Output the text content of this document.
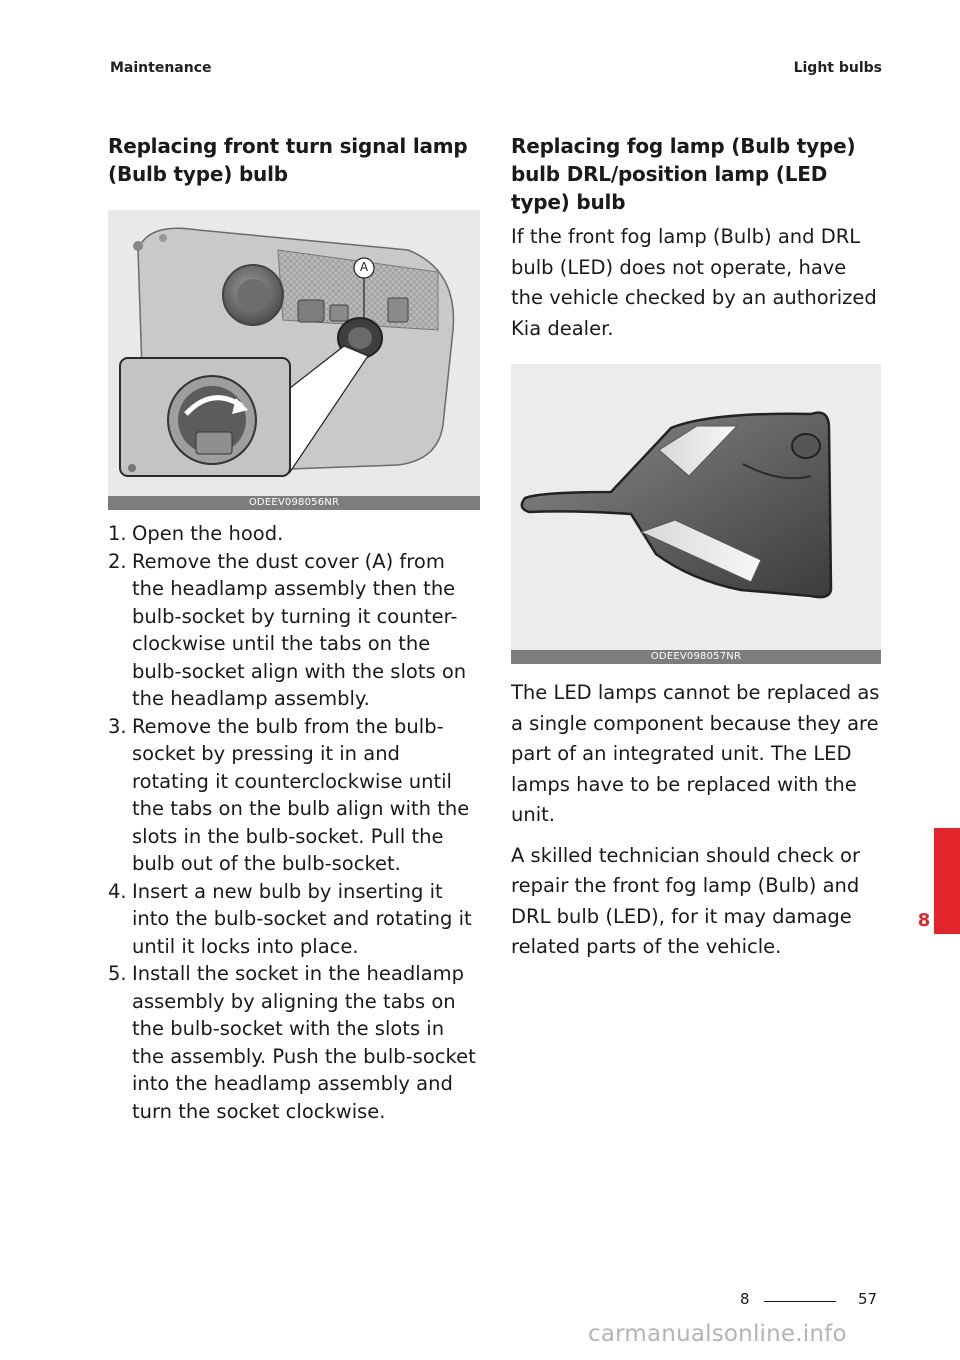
Maintenance	Light bulbs
Replacing front turn signal lamp (Bulb type) bulb
A
ODEEV098056NR
1. Open the hood.
2. Remove the dust cover (A) from the headlamp assembly then the bulb-socket by turning it counter-clockwise until the tabs on the bulb-socket align with the slots on the headlamp assembly.
3. Remove the bulb from the bulb-socket by pressing it in and rotating it counterclockwise until the tabs on the bulb align with the slots in the bulb-socket. Pull the bulb out of the bulb-socket.
4. Insert a new bulb by inserting it into the bulb-socket and rotating it until it locks into place.
5. Install the socket in the headlamp assembly by aligning the tabs on the bulb-socket with the slots in the assembly. Push the bulb-socket into the headlamp assembly and turn the socket clockwise.
Replacing fog lamp (Bulb type) bulb DRL/position lamp (LED type) bulb

If the front fog lamp (Bulb) and DRL bulb (LED) does not operate, have the vehicle checked by an authorized Kia dealer.

ODEEV098057NR

The LED lamps cannot be replaced as a single component because they are part of an integrated unit. The LED lamps have to be replaced with the unit.

A skilled technician should check or repair the front fog lamp (Bulb) and DRL bulb (LED), for it may damage related parts of the vehicle.

8
8	57
carmanualsonline.info
